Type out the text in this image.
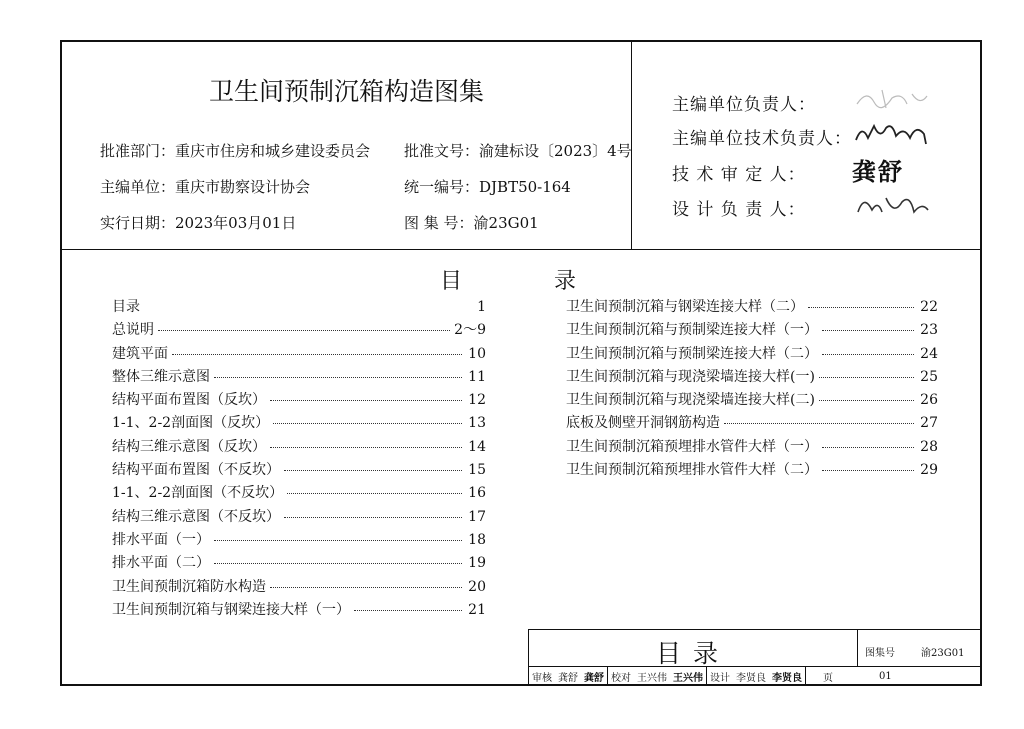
卫生间预制沉箱构造图集
批准部门：重庆市住房和城乡建设委员会 批准文号：渝建标设〔2023〕4号
主编单位：重庆市勘察设计协会	统一编号：DJBT50-164
实行日期：2023年03月01日	图 集 号：渝23G01
主编单位负责人：
主编单位技术负责人：
技 术 审 定 人：
设 计 负 责 人：
龚舒
目	录
目录	1
总说明	2～9
建筑平面	10
整体三维示意图	11
结构平面布置图（反坎）	12
1-1、2-2剖面图（反坎）	13
结构三维示意图（反坎）	14
结构平面布置图（不反坎）	15
1-1、2-2剖面图（不反坎）	16
结构三维示意图（不反坎）	17
排水平面（一）	18
排水平面（二）	19
卫生间预制沉箱防水构造	20
卫生间预制沉箱与钢梁连接大样（一）	21
卫生间预制沉箱与钢梁连接大样（二）	22
卫生间预制沉箱与预制梁连接大样（一）	23
卫生间预制沉箱与预制梁连接大样（二）	24
卫生间预制沉箱与现浇梁墙连接大样(一)	25
卫生间预制沉箱与现浇梁墙连接大样(二)	26
底板及侧壁开洞钢筋构造	27
卫生间预制沉箱预埋排水管件大样（一）	28
卫生间预制沉箱预埋排水管件大样（二）	29
目录	图集号	渝23G01
审核 龚舒 龚舒 校对 王兴伟 王兴伟 设计 李贤良 李贤良	页	01
